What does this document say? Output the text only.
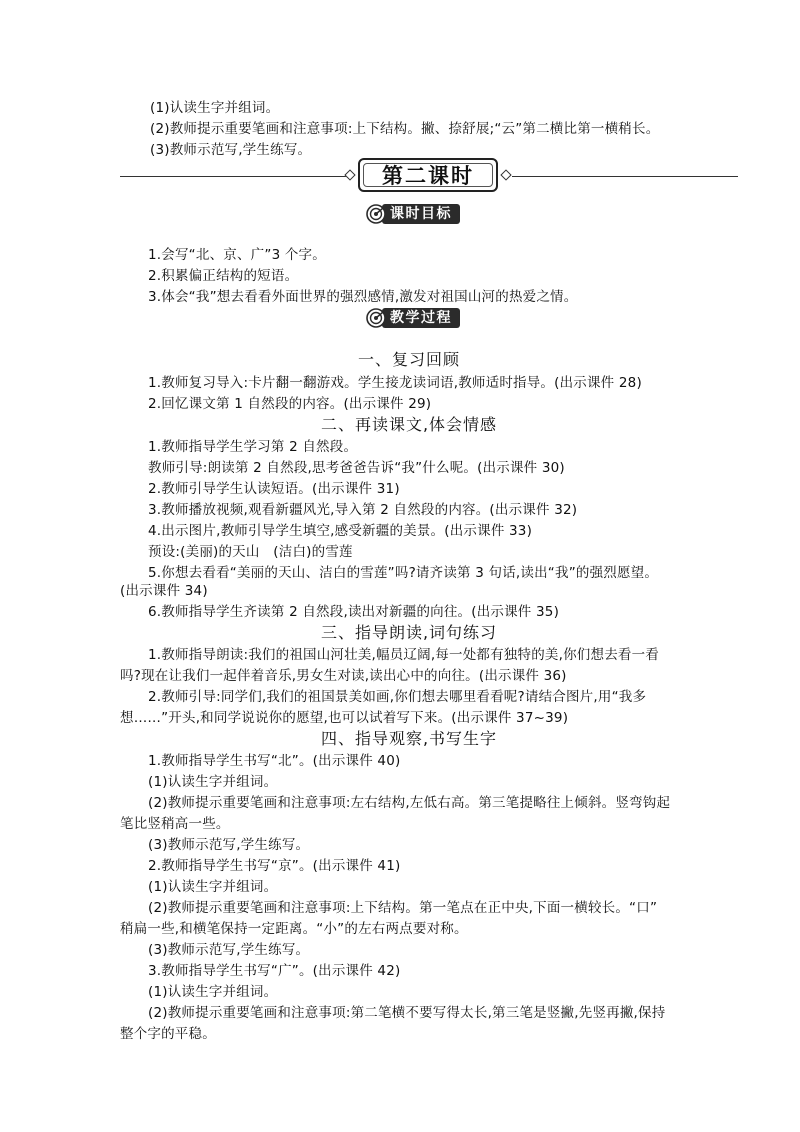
(1)认读生字并组词。
(2)教师提示重要笔画和注意事项:上下结构。撇、捺舒展;“云”第二横比第一横稍长。
(3)教师示范写,学生练写。
第二课时
课时目标
1.会写“北、京、广”3 个字。
2.积累偏正结构的短语。
3.体会“我”想去看看外面世界的强烈感情,激发对祖国山河的热爱之情。
教学过程
一、复习回顾
1.教师复习导入:卡片翻一翻游戏。学生接龙读词语,教师适时指导。(出示课件 28)
2.回忆课文第 1 自然段的内容。(出示课件 29)
二、再读课文,体会情感
1.教师指导学生学习第 2 自然段。
教师引导:朗读第 2 自然段,思考爸爸告诉“我”什么呢。(出示课件 30)
2.教师引导学生认读短语。(出示课件 31)
3.教师播放视频,观看新疆风光,导入第 2 自然段的内容。(出示课件 32)
4.出示图片,教师引导学生填空,感受新疆的美景。(出示课件 33)
预设:(美丽)的天山　(洁白)的雪莲
5.你想去看看“美丽的天山、洁白的雪莲”吗?请齐读第 3 句话,读出“我”的强烈愿望。
(出示课件 34)
6.教师指导学生齐读第 2 自然段,读出对新疆的向往。(出示课件 35)
三、指导朗读,词句练习
1.教师指导朗读:我们的祖国山河壮美,幅员辽阔,每一处都有独特的美,你们想去看一看
吗?现在让我们一起伴着音乐,男女生对读,读出心中的向往。(出示课件 36)
2.教师引导:同学们,我们的祖国景美如画,你们想去哪里看看呢?请结合图片,用“我多
想……”开头,和同学说说你的愿望,也可以试着写下来。(出示课件 37~39)
四、指导观察,书写生字
1.教师指导学生书写“北”。(出示课件 40)
(1)认读生字并组词。
(2)教师提示重要笔画和注意事项:左右结构,左低右高。第三笔提略往上倾斜。竖弯钩起
笔比竖稍高一些。
(3)教师示范写,学生练写。
2.教师指导学生书写“京”。(出示课件 41)
(1)认读生字并组词。
(2)教师提示重要笔画和注意事项:上下结构。第一笔点在正中央,下面一横较长。“口”
稍扁一些,和横笔保持一定距离。“小”的左右两点要对称。
(3)教师示范写,学生练写。
3.教师指导学生书写“广”。(出示课件 42)
(1)认读生字并组词。
(2)教师提示重要笔画和注意事项:第二笔横不要写得太长,第三笔是竖撇,先竖再撇,保持
整个字的平稳。
